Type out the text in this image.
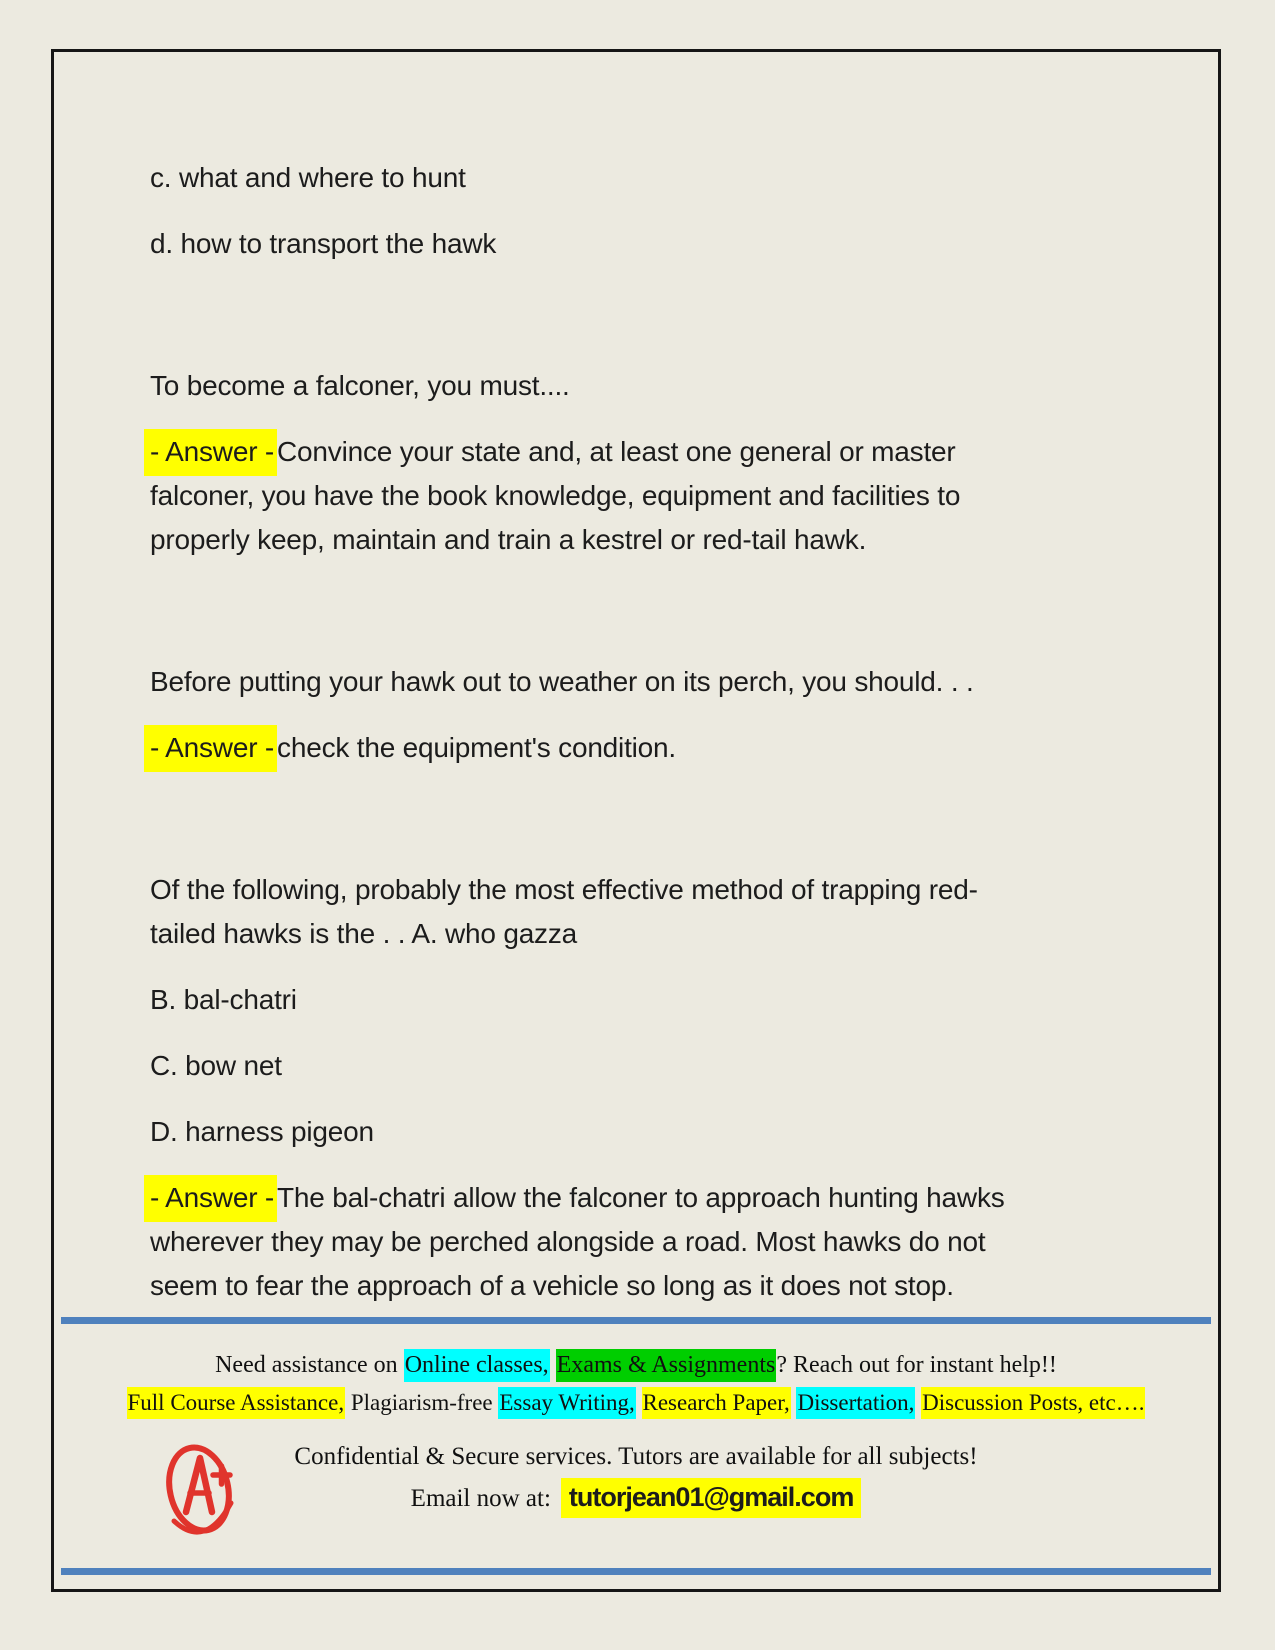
c. what and where to hunt

d. how to transport the hawk

To become a falconer, you must....

- Answer - Convince your state and, at least one general or master
falconer, you have the book knowledge, equipment and facilities to
properly keep, maintain and train a kestrel or red-tail hawk.

Before putting your hawk out to weather on its perch, you should. . .

- Answer - check the equipment's condition.

Of the following, probably the most effective method of trapping red-
tailed hawks is the . . A. who gazza

B. bal-chatri

C. bow net

D. harness pigeon

- Answer - The bal-chatri allow the falconer to approach hunting hawks
wherever they may be perched alongside a road. Most hawks do not
seem to fear the approach of a vehicle so long as it does not stop.

Need assistance on Online classes, Exams & Assignments? Reach out for instant help!!
Full Course Assistance, Plagiarism-free Essay Writing, Research Paper, Dissertation, Discussion Posts, etc….
Confidential & Secure services. Tutors are available for all subjects!
Email now at: tutorjean01@gmail.com
